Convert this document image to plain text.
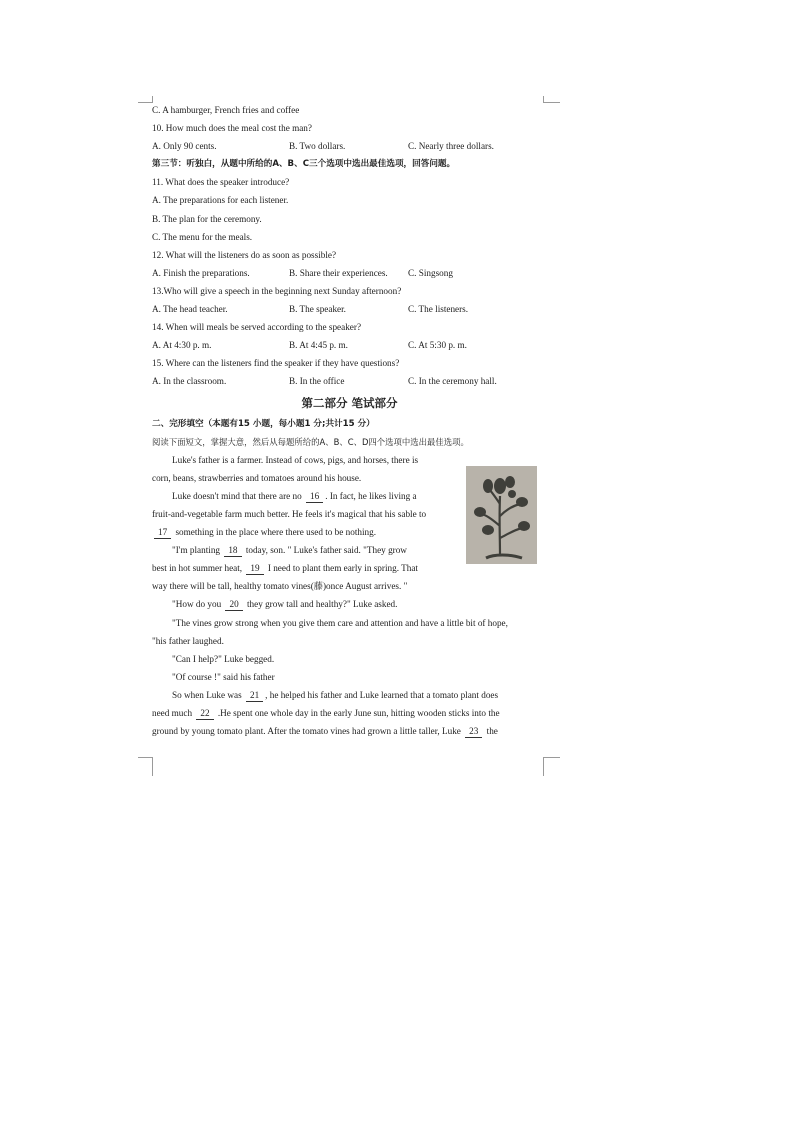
C. A hamburger, French fries and coffee
10. How much does the meal cost the man?
A. Only 90 cents.	B. Two dollars.	C. Nearly three dollars.
第三节：听独白，从题中所给的A、B、C三个选项中选出最佳选项，回答问题。
11. What does the speaker introduce?
A. The preparations for each listener.
B. The plan for the ceremony.
C. The menu for the meals.
12. What will the listeners do as soon as possible?
A. Finish the preparations.	B. Share their experiences. C. Singsong
13.Who will give a speech in the beginning next Sunday afternoon?
A. The head teacher.	B. The speaker.	C. The listeners.
14. When will meals be served according to the speaker?
A. At 4:30 p. m.	B. At 4:45 p. m.	C. At 5:30 p. m.
15. Where can the listeners find the speaker if they have questions?
A. In the classroom.	B. In the office	C. In the ceremony hall.
第二部分 笔试部分
二、完形填空（本题有15 小题，每小题1 分;共计15 分）
阅读下面短文，掌握大意，然后从每题所给的A、B、C、D四个选项中选出最佳选项。
Luke's father is a farmer. Instead of cows, pigs, and horses, there is
corn, beans, strawberries and tomatoes around his house.
Luke doesn't mind that there are no 16 . In fact, he likes living a
fruit-and-vegetable farm much better. He feels it's magical that his sable to
17 something in the place where there used to be nothing.
"I'm planting 18 today, son. " Luke's father said. "They grow
best in hot summer heat, 19 I need to plant them early in spring. That
way there will be tall, healthy tomato vines(藤)once August arrives. "
"How do you 20 they grow tall and healthy?" Luke asked.
"The vines grow strong when you give them care and attention and have a little bit of hope,
"his father laughed.
"Can I help?" Luke begged.
"Of course !" said his father
So when Luke was 21 , he helped his father and Luke learned that a tomato plant does
need much 22 .He spent one whole day in the early June sun, hitting wooden sticks into the
ground by young tomato plant. After the tomato vines had grown a little taller, Luke 23 the
